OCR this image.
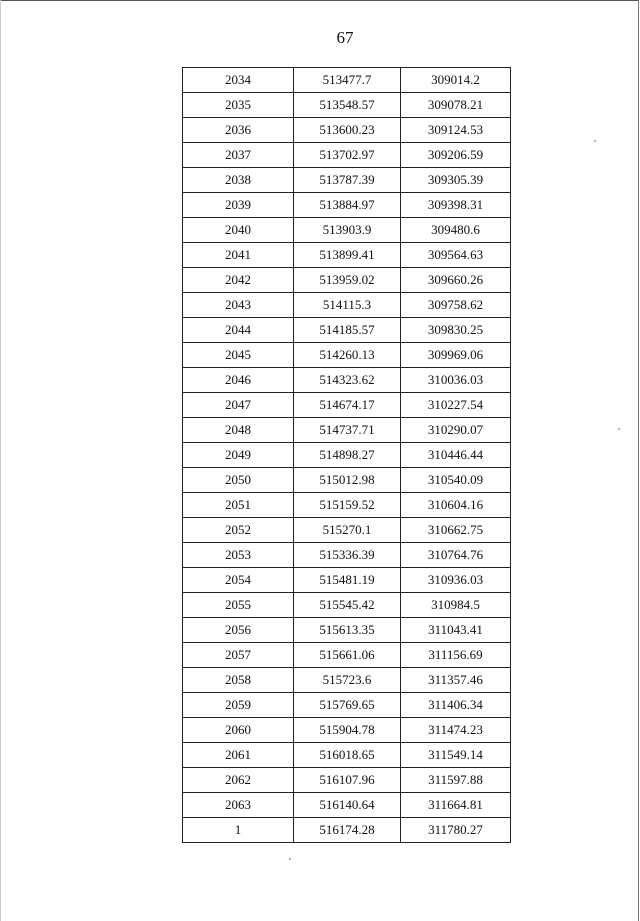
67
2034	513477.7	309014.2
2035	513548.57	309078.21
2036	513600.23	309124.53
2037	513702.97	309206.59
2038	513787.39	309305.39
2039	513884.97	309398.31
2040	513903.9	309480.6
2041	513899.41	309564.63
2042	513959.02	309660.26
2043	514115.3	309758.62
2044	514185.57	309830.25
2045	514260.13	309969.06
2046	514323.62	310036.03
2047	514674.17	310227.54
2048	514737.71	310290.07
2049	514898.27	310446.44
2050	515012.98	310540.09
2051	515159.52	310604.16
2052	515270.1	310662.75
2053	515336.39	310764.76
2054	515481.19	310936.03
2055	515545.42	310984.5
2056	515613.35	311043.41
2057	515661.06	311156.69
2058	515723.6	311357.46
2059	515769.65	311406.34
2060	515904.78	311474.23
2061	516018.65	311549.14
2062	516107.96	311597.88
2063	516140.64	311664.81
1	516174.28	311780.27
